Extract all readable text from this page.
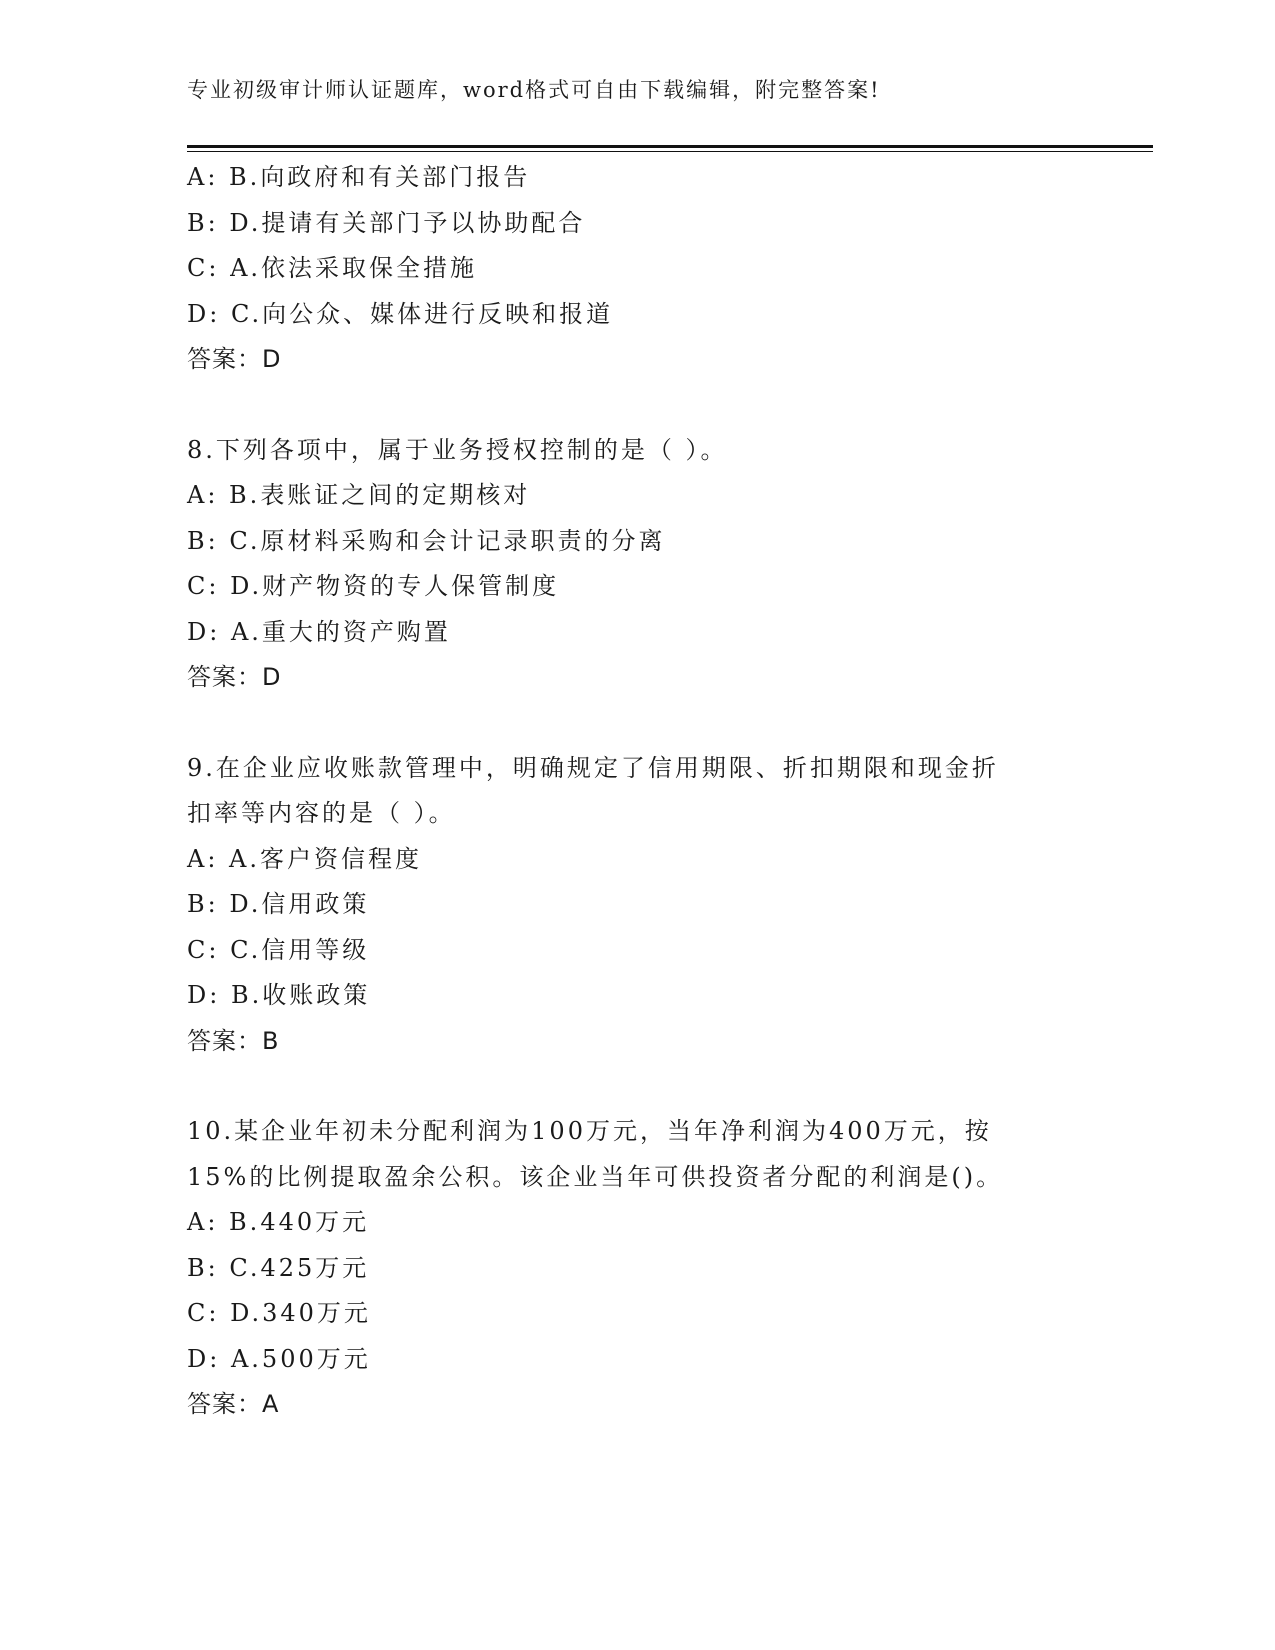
专业初级审计师认证题库，word格式可自由下载编辑，附完整答案!
A: B.向政府和有关部门报告
B: D.提请有关部门予以协助配合
C: A.依法采取保全措施
D: C.向公众、媒体进行反映和报道
答案：D
8.下列各项中，属于业务授权控制的是（ ）。
A: B.表账证之间的定期核对
B: C.原材料采购和会计记录职责的分离
C: D.财产物资的专人保管制度
D: A.重大的资产购置
答案：D
9.在企业应收账款管理中，明确规定了信用期限、折扣期限和现金折
扣率等内容的是（ ）。
A: A.客户资信程度
B: D.信用政策
C: C.信用等级
D: B.收账政策
答案：B
10.某企业年初未分配利润为100万元，当年净利润为400万元，按
15%的比例提取盈余公积。该企业当年可供投资者分配的利润是()。
A: B.440万元
B: C.425万元
C: D.340万元
D: A.500万元
答案：A
